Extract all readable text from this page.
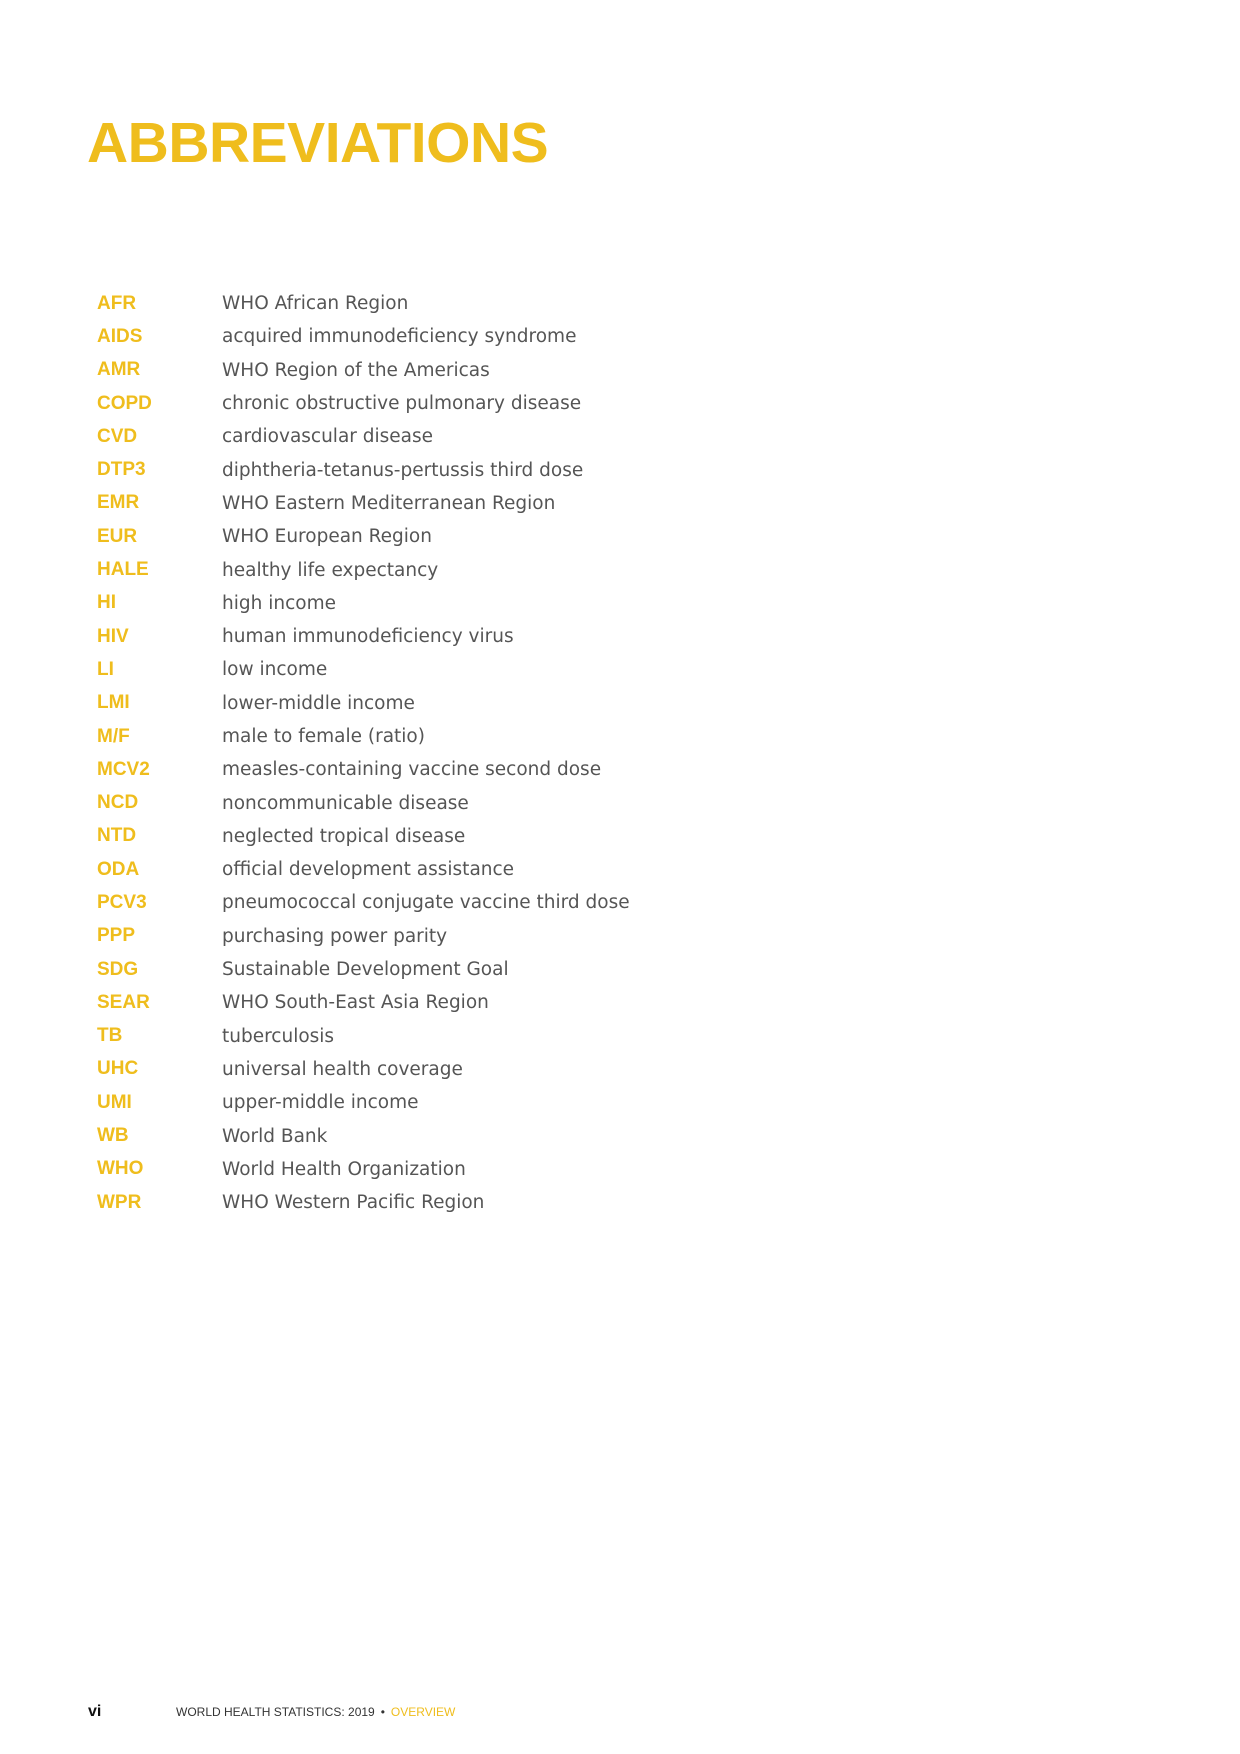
ABBREVIATIONS
AFR	WHO African Region
AIDS	acquired immunodeficiency syndrome
AMR	WHO Region of the Americas
COPD	chronic obstructive pulmonary disease
CVD	cardiovascular disease
DTP3	diphtheria-tetanus-pertussis third dose
EMR	WHO Eastern Mediterranean Region
EUR	WHO European Region
HALE	healthy life expectancy
HI	high income
HIV	human immunodeficiency virus
LI	low income
LMI	lower-middle income
M/F	male to female (ratio)
MCV2	measles-containing vaccine second dose
NCD	noncommunicable disease
NTD	neglected tropical disease
ODA	official development assistance
PCV3	pneumococcal conjugate vaccine third dose
PPP	purchasing power parity
SDG	Sustainable Development Goal
SEAR	WHO South-East Asia Region
TB	tuberculosis
UHC	universal health coverage
UMI	upper-middle income
WB	World Bank
WHO	World Health Organization
WPR	WHO Western Pacific Region
vi	WORLD HEALTH STATISTICS: 2019 • OVERVIEW
